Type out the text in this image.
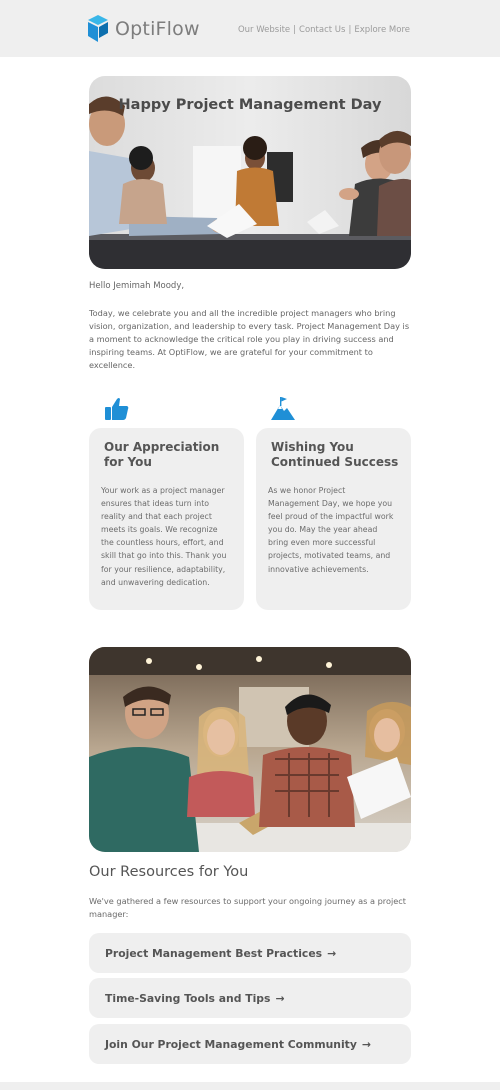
OptiFlow	Our Website | Contact Us | Explore More
Happy Project Management Day
Hello Jemimah Moody,
Today, we celebrate you and all the incredible project managers who bring vision, organization, and leadership to every task. Project Management Day is a moment to acknowledge the critical role you play in driving success and inspiring teams. At OptiFlow, we are grateful for your commitment to excellence.
Our Appreciation for You
Your work as a project manager ensures that ideas turn into reality and that each project meets its goals. We recognize the countless hours, effort, and skill that go into this. Thank you for your resilience, adaptability, and unwavering dedication.
Wishing You Continued Success
As we honor Project Management Day, we hope you feel proud of the impactful work you do. May the year ahead bring even more successful projects, motivated teams, and innovative achievements.
Our Resources for You
We've gathered a few resources to support your ongoing journey as a project manager:
Project Management Best Practices →
Time-Saving Tools and Tips →
Join Our Project Management Community →
